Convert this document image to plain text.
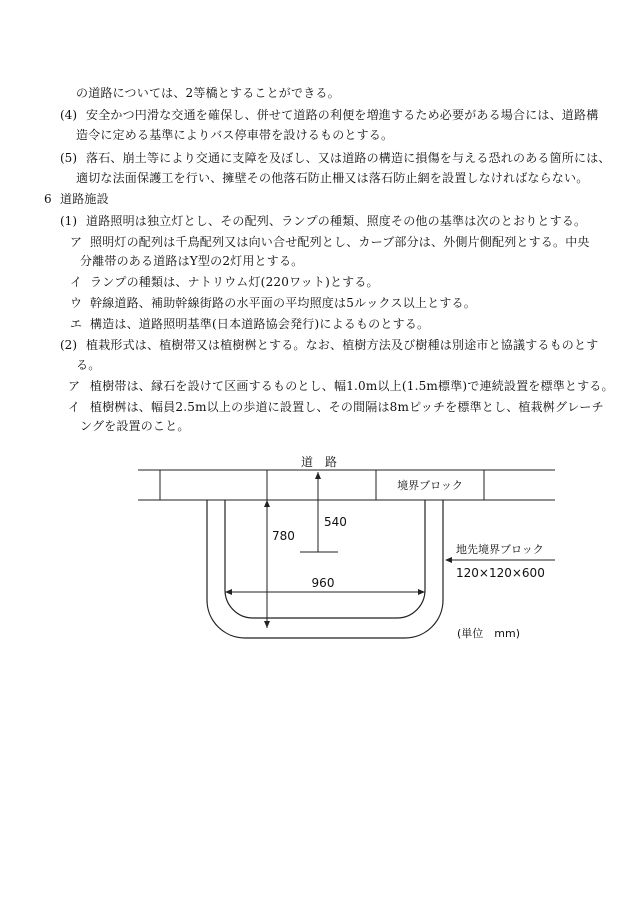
の道路については、2等橋とすることができる。
(4) 安全かつ円滑な交通を確保し、併せて道路の利便を増進するため必要がある場合には、道路構
造令に定める基準によりバス停車帯を設けるものとする。
(5) 落石、崩土等により交通に支障を及ぼし、又は道路の構造に損傷を与える恐れのある箇所には、
適切な法面保護工を行い、擁壁その他落石防止柵又は落石防止網を設置しなければならない。
6 道路施設
(1) 道路照明は独立灯とし、その配列、ランプの種類、照度その他の基準は次のとおりとする。
ア 照明灯の配列は千鳥配列又は向い合せ配列とし、カーブ部分は、外側片側配列とする。中央
分離帯のある道路はY型の2灯用とする。
イ ランプの種類は、ナトリウム灯(220ワット)とする。
ウ 幹線道路、補助幹線街路の水平面の平均照度は5ルックス以上とする。
エ 構造は、道路照明基準(日本道路協会発行)によるものとする。
(2) 植栽形式は、植樹帯又は植樹桝とする。なお、植樹方法及び樹種は別途市と協議するものとす
る。
ア 植樹帯は、縁石を設けて区画するものとし、幅1.0m以上(1.5m標準)で連続設置を標準とする。
イ 植樹桝は、幅員2.5m以上の歩道に設置し、その間隔は8mピッチを標準とし、植栽桝グレーチ
ングを設置のこと。
道　路
境界ブロック
780
540
960
地先境界ブロック
120×120×600
(単位　mm)
